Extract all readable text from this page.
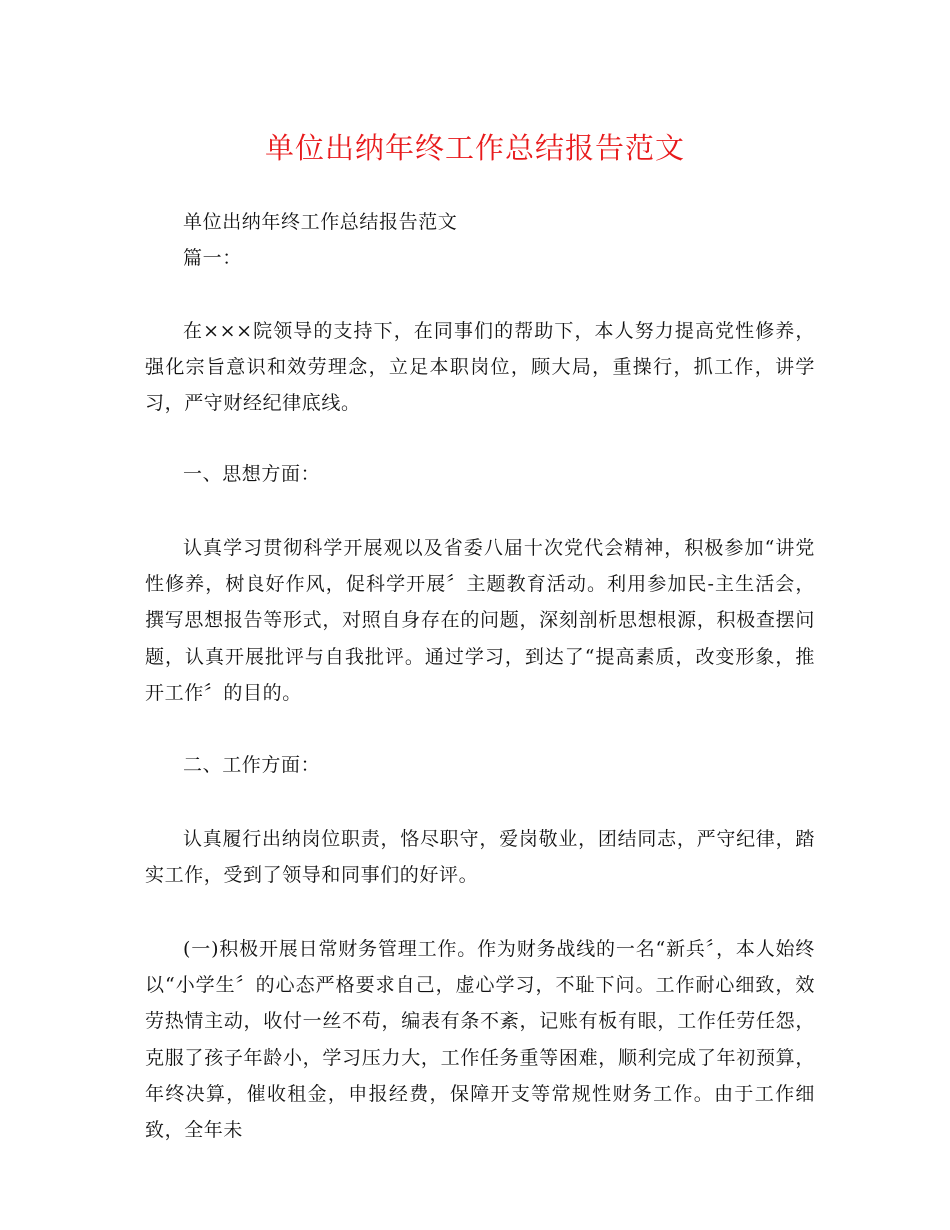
单位出纳年终工作总结报告范文
单位出纳年终工作总结报告范文
篇一：
在×××院领导的支持下，在同事们的帮助下，本人努力提高党性修养，强化宗旨意识和效劳理念，立足本职岗位，顾大局，重操行，抓工作，讲学习，严守财经纪律底线。
一、思想方面：
认真学习贯彻科学开展观以及省委八届十次党代会精神，积极参加“讲党性修养，树良好作风，促科学开展〞主题教育活动。利用参加民-主生活会，撰写思想报告等形式，对照自身存在的问题，深刻剖析思想根源，积极查摆问题，认真开展批评与自我批评。通过学习，到达了“提高素质，改变形象，推开工作〞的目的。
二、工作方面：
认真履行出纳岗位职责，恪尽职守，爱岗敬业，团结同志，严守纪律，踏实工作，受到了领导和同事们的好评。
(一)积极开展日常财务管理工作。作为财务战线的一名“新兵〞，本人始终以“小学生〞的心态严格要求自己，虚心学习，不耻下问。工作耐心细致，效劳热情主动，收付一丝不苟，编表有条不紊，记账有板有眼，工作任劳任怨，克服了孩子年龄小，学习压力大，工作任务重等困难，顺利完成了年初预算，年终决算，催收租金，申报经费，保障开支等常规性财务工作。由于工作细致，全年未
